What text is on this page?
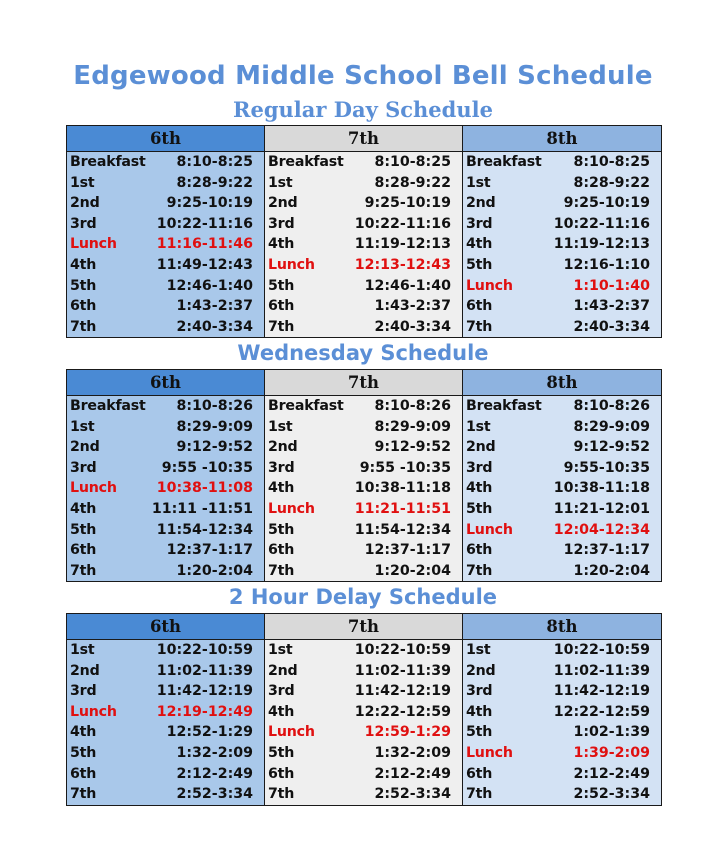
Edgewood Middle School Bell Schedule
Regular Day Schedule
6th
Breakfast 8:10-8:25
1st	8:28-9:22
2nd	9:25-10:19
3rd	10:22-11:16
Lunch	11:16-11:46
4th	11:49-12:43
5th	12:46-1:40
6th	1:43-2:37
7th	2:40-3:34
7th
Breakfast 8:10-8:25
1st	8:28-9:22
2nd	9:25-10:19
3rd	10:22-11:16
4th	11:19-12:13
Lunch	12:13-12:43
5th	12:46-1:40
6th	1:43-2:37
7th	2:40-3:34
8th
Breakfast 8:10-8:25
1st	8:28-9:22
2nd	9:25-10:19
3rd	10:22-11:16
4th	11:19-12:13
5th	12:16-1:10
Lunch	1:10-1:40
6th	1:43-2:37
7th	2:40-3:34
Wednesday Schedule
6th
Breakfast 8:10-8:26
1st	8:29-9:09
2nd	9:12-9:52
3rd	9:55 -10:35
Lunch	10:38-11:08
4th	11:11 -11:51
5th	11:54-12:34
6th	12:37-1:17
7th	1:20-2:04
7th
Breakfast 8:10-8:26
1st	8:29-9:09
2nd	9:12-9:52
3rd	9:55 -10:35
4th	10:38-11:18
Lunch	11:21-11:51
5th	11:54-12:34
6th	12:37-1:17
7th	1:20-2:04
8th
Breakfast 8:10-8:26
1st	8:29-9:09
2nd	9:12-9:52
3rd	9:55-10:35
4th	10:38-11:18
5th	11:21-12:01
Lunch	12:04-12:34
6th	12:37-1:17
7th	1:20-2:04
2 Hour Delay Schedule
6th
1st	10:22-10:59
2nd	11:02-11:39
3rd	11:42-12:19
Lunch	12:19-12:49
4th	12:52-1:29
5th	1:32-2:09
6th	2:12-2:49
7th	2:52-3:34
7th
1st	10:22-10:59
2nd	11:02-11:39
3rd	11:42-12:19
4th	12:22-12:59
Lunch	12:59-1:29
5th	1:32-2:09
6th	2:12-2:49
7th	2:52-3:34
8th
1st	10:22-10:59
2nd	11:02-11:39
3rd	11:42-12:19
4th	12:22-12:59
5th	1:02-1:39
Lunch	1:39-2:09
6th	2:12-2:49
7th	2:52-3:34
